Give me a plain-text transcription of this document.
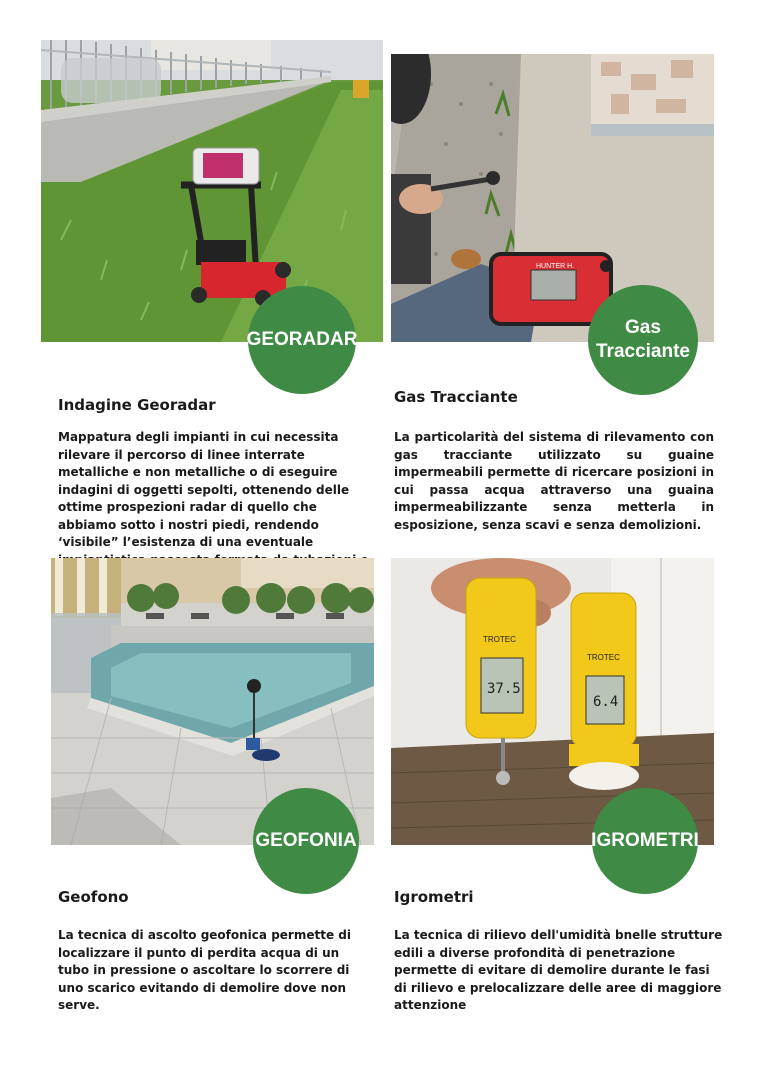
GEORADAR
HUNTER H.
Gas
Tracciante
Indagine Georadar
Mappatura degli impianti in cui necessita rilevare il percorso di linee interrate metalliche e non metalliche o di eseguire indagini di oggetti sepolti, ottenendo delle ottime prospezioni radar di quello che abbiamo sotto i nostri piedi, rendendo ‘visibile” l’esistenza di una eventuale
Gas Tracciante
La particolarità del sistema di rilevamento con gas tracciante utilizzato su guaine impermeabili permette di ricercare posizioni in cui passa acqua attraverso una guaina impermeabilizzante senza metterla in esposizione, senza scavi e senza demolizioni.
GEOFONIA
37.5
TROTEC
6.4
TROTEC
IGROMETRI
Geofono
La tecnica di ascolto geofonica permette di localizzare il punto di perdita acqua di un tubo in pressione o ascoltare lo scorrere di uno scarico evitando di demolire dove non serve.
Igrometri
La tecnica di rilievo dell'umidità bnelle strutture edili a diverse profondità di penetrazione permette di evitare di demolire durante le fasi di rilievo e prelocalizzare delle aree di maggiore attenzione
